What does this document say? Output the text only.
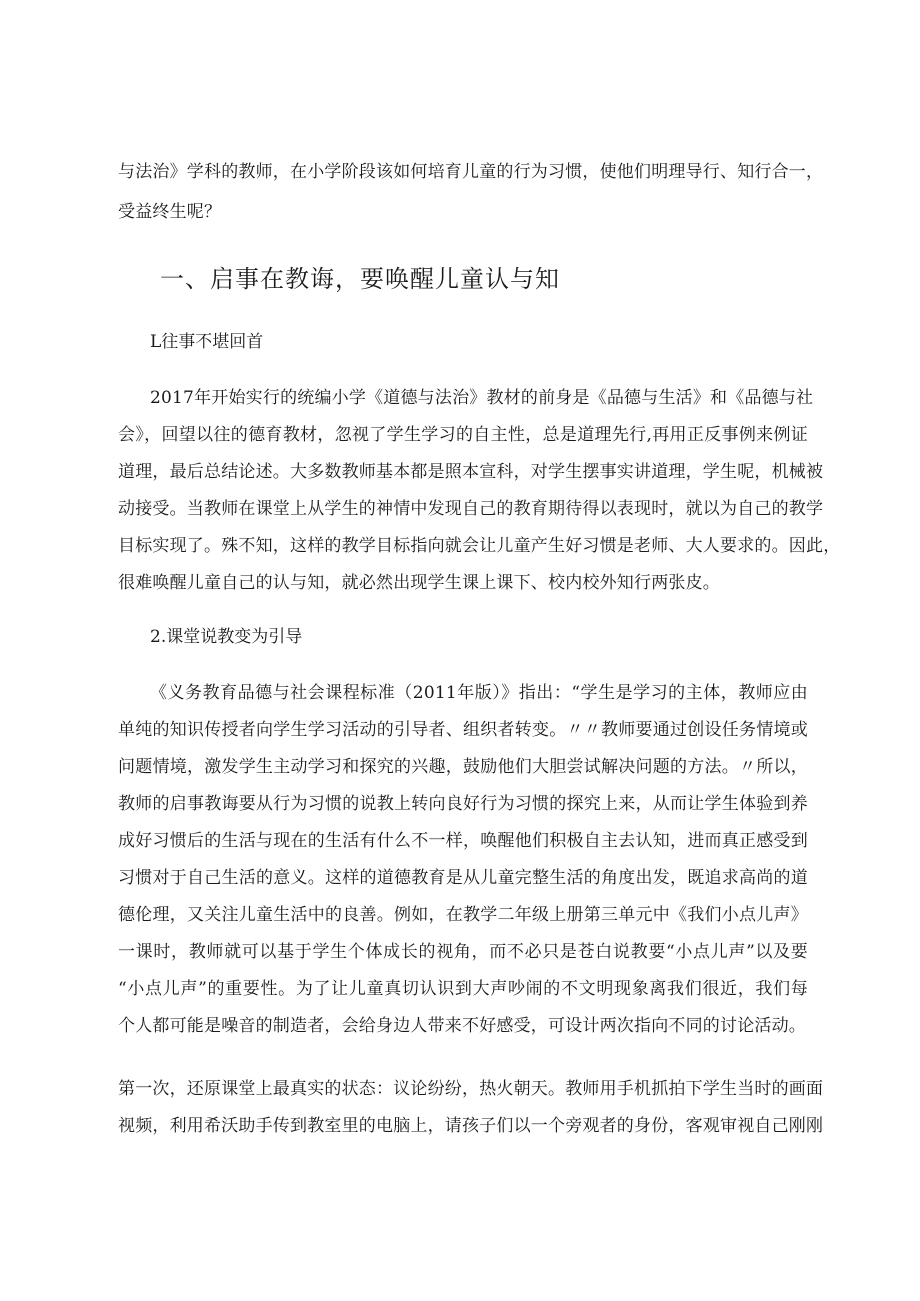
与法治》学科的教师，在小学阶段该如何培育儿童的行为习惯，使他们明理导行、知行合一，
受益终生呢？
一、启事在教诲，要唤醒儿童认与知
L往事不堪回首
2017年开始实行的统编小学《道德与法治》教材的前身是《品德与生活》和《品德与社
会》，回望以往的德育教材，忽视了学生学习的自主性，总是道理先行,再用正反事例来例证
道理，最后总结论述。大多数教师基本都是照本宣科，对学生摆事实讲道理，学生呢，机械被
动接受。当教师在课堂上从学生的神情中发现自己的教育期待得以表现时，就以为自己的教学
目标实现了。殊不知，这样的教学目标指向就会让儿童产生好习惯是老师、大人要求的。因此，
很难唤醒儿童自己的认与知，就必然出现学生课上课下、校内校外知行两张皮。
2.课堂说教变为引导
《义务教育品德与社会课程标准（2011年版）》指出：“学生是学习的主体，教师应由
单纯的知识传授者向学生学习活动的引导者、组织者转变。〃〃教师要通过创设任务情境或
问题情境，激发学生主动学习和探究的兴趣，鼓励他们大胆尝试解决问题的方法。〃所以，
教师的启事教诲要从行为习惯的说教上转向良好行为习惯的探究上来，从而让学生体验到养
成好习惯后的生活与现在的生活有什么不一样，唤醒他们积极自主去认知，进而真正感受到
习惯对于自己生活的意义。这样的道德教育是从儿童完整生活的角度出发，既追求高尚的道
德伦理，又关注儿童生活中的良善。例如，在教学二年级上册第三单元中《我们小点儿声》
一课时，教师就可以基于学生个体成长的视角，而不必只是苍白说教要“小点儿声”以及要
“小点儿声”的重要性。为了让儿童真切认识到大声吵闹的不文明现象离我们很近，我们每
个人都可能是噪音的制造者，会给身边人带来不好感受，可设计两次指向不同的讨论活动。
第一次，还原课堂上最真实的状态：议论纷纷，热火朝天。教师用手机抓拍下学生当时的画面
视频，利用希沃助手传到教室里的电脑上，请孩子们以一个旁观者的身份，客观审视自己刚刚
